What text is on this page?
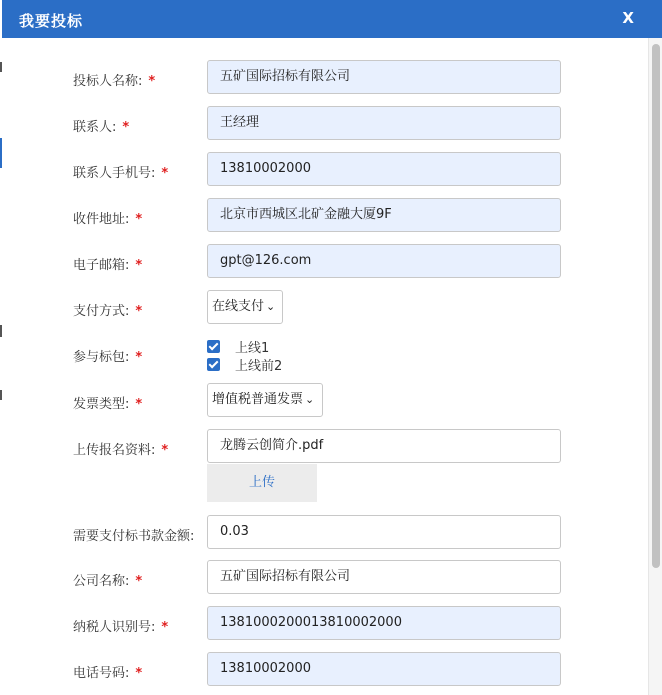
我要投标	X
投标人名称: *	五矿国际招标有限公司
联系人: *	王经理
联系人手机号: *	13810002000
收件地址: *	北京市西城区北矿金融大厦9F
电子邮箱: *	gpt@126.com
支付方式: *	在线支付 ⌄
参与标包: *
上线1
上线前2
发票类型: *	增值税普通发票 ⌄
上传报名资料: *	龙腾云创简介.pdf
上传
需要支付标书款金额:	0.03
公司名称: *	五矿国际招标有限公司
纳税人识别号: *	1381000200013810002000
电话号码: *	13810002000
